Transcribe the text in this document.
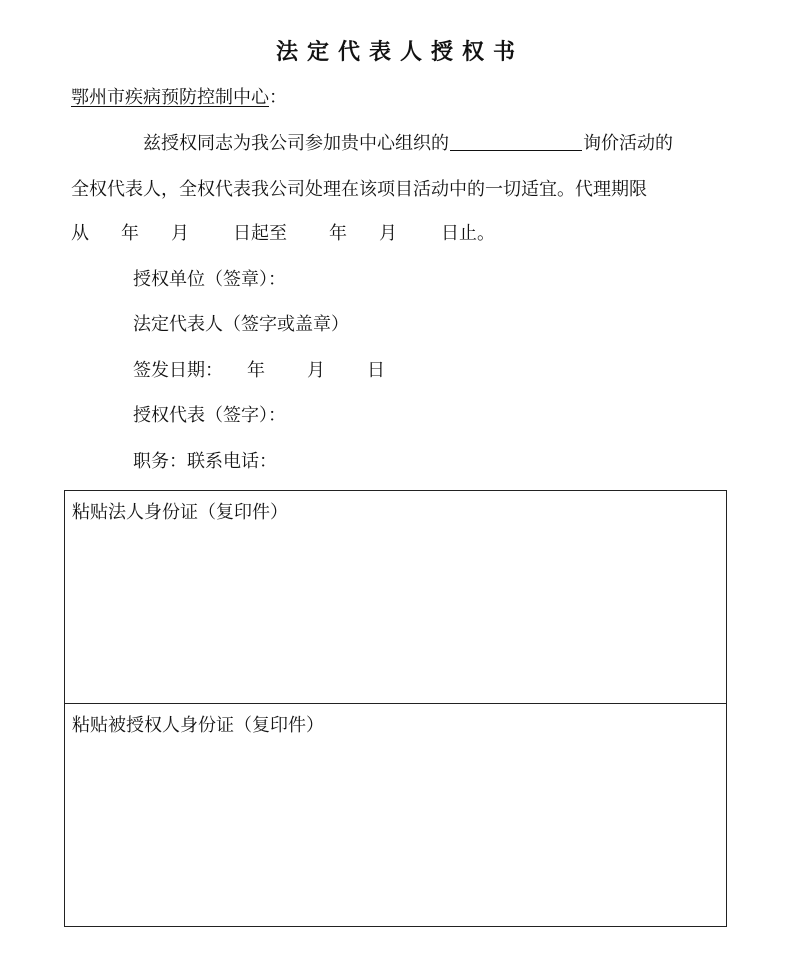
法定代表人授权书
鄂州市疾病预防控制中心：
兹授权同志为我公司参加贵中心组织的	询价活动的
全权代表人，全权代表我公司处理在该项目活动中的一切适宜。代理期限
从 年 月 日起至 年 月 日止。
授权单位（签章）：
法定代表人（签字或盖章）
签发日期： 年 月 日
授权代表（签字）：
职务：联系电话：
粘贴法人身份证（复印件）
粘贴被授权人身份证（复印件）
